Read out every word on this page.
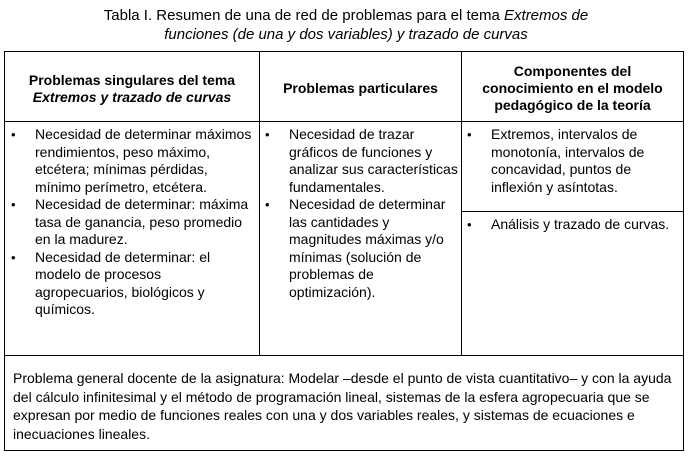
Tabla I. Resumen de una de red de problemas para el tema Extremos de
funciones (de una y dos variables) y trazado de curvas
Problemas singulares del tema
Extremos y trazado de curvas
Problemas particulares
Componentes del
conocimiento en el modelo
pedagógico de la teoría
• Necesidad de determinar máximos rendimientos, peso máximo, etcétera; mínimas pérdidas, mínimo perímetro, etcétera.
• Necesidad de determinar: máxima tasa de ganancia, peso promedio en la madurez.
• Necesidad de determinar: el modelo de procesos agropecuarios, biológicos y químicos.
• Necesidad de trazar gráficos de funciones y analizar sus características fundamentales.
• Necesidad de determinar las cantidades y magnitudes máximas y/o mínimas (solución de problemas de optimización).
• Extremos, intervalos de monotonía, intervalos de concavidad, puntos de inflexión y asíntotas.
• Análisis y trazado de curvas.
Problema general docente de la asignatura: Modelar –desde el punto de vista cuantitativo– y con la ayuda del cálculo infinitesimal y el método de programación lineal, sistemas de la esfera agropecuaria que se expresan por medio de funciones reales con una y dos variables reales, y sistemas de ecuaciones e inecuaciones lineales.
